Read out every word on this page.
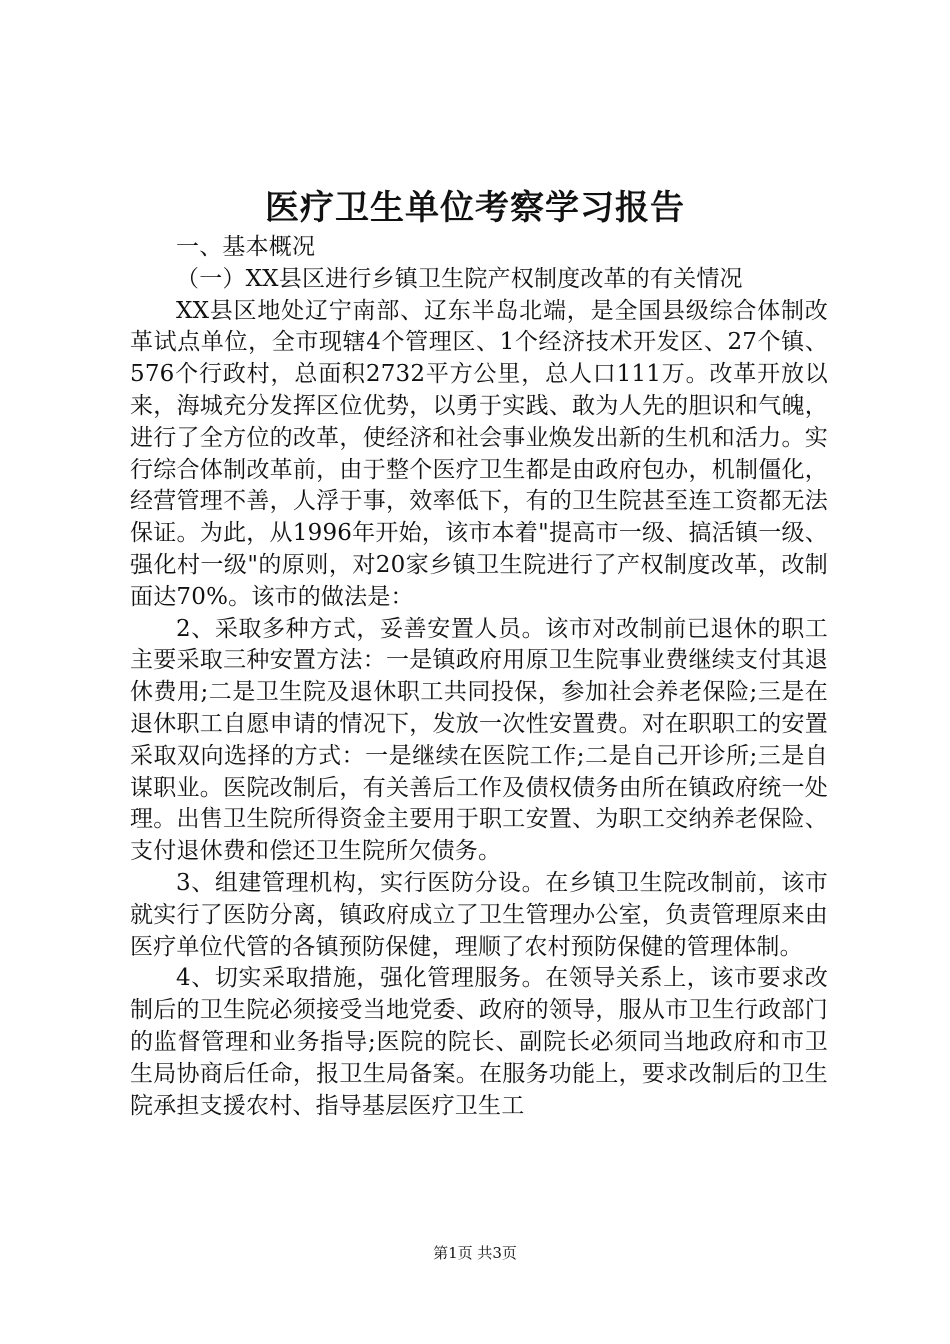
医疗卫生单位考察学习报告

一、基本概况

（一）XX县区进行乡镇卫生院产权制度改革的有关情况

XX县区地处辽宁南部、辽东半岛北端，是全国县级综合体制改革试点单位，全市现辖4个管理区、1个经济技术开发区、27个镇、576个行政村，总面积2732平方公里，总人口111万。改革开放以来，海城充分发挥区位优势，以勇于实践、敢为人先的胆识和气魄，进行了全方位的改革，使经济和社会事业焕发出新的生机和活力。实行综合体制改革前，由于整个医疗卫生都是由政府包办，机制僵化，经营管理不善，人浮于事，效率低下，有的卫生院甚至连工资都无法保证。为此，从1996年开始，该市本着"提高市一级、搞活镇一级、强化村一级"的原则，对20家乡镇卫生院进行了产权制度改革，改制面达70%。该市的做法是：

2、采取多种方式，妥善安置人员。该市对改制前已退休的职工主要采取三种安置方法：一是镇政府用原卫生院事业费继续支付其退休费用;二是卫生院及退休职工共同投保，参加社会养老保险;三是在退休职工自愿申请的情况下，发放一次性安置费。对在职职工的安置采取双向选择的方式：一是继续在医院工作;二是自己开诊所;三是自谋职业。医院改制后，有关善后工作及债权债务由所在镇政府统一处理。出售卫生院所得资金主要用于职工安置、为职工交纳养老保险、支付退休费和偿还卫生院所欠债务。

3、组建管理机构，实行医防分设。在乡镇卫生院改制前，该市就实行了医防分离，镇政府成立了卫生管理办公室，负责管理原来由医疗单位代管的各镇预防保健，理顺了农村预防保健的管理体制。

4、切实采取措施，强化管理服务。在领导关系上，该市要求改制后的卫生院必须接受当地党委、政府的领导，服从市卫生行政部门的监督管理和业务指导;医院的院长、副院长必须同当地政府和市卫生局协商后任命，报卫生局备案。在服务功能上，要求改制后的卫生院承担支援农村、指导基层医疗卫生工

第1页 共3页
